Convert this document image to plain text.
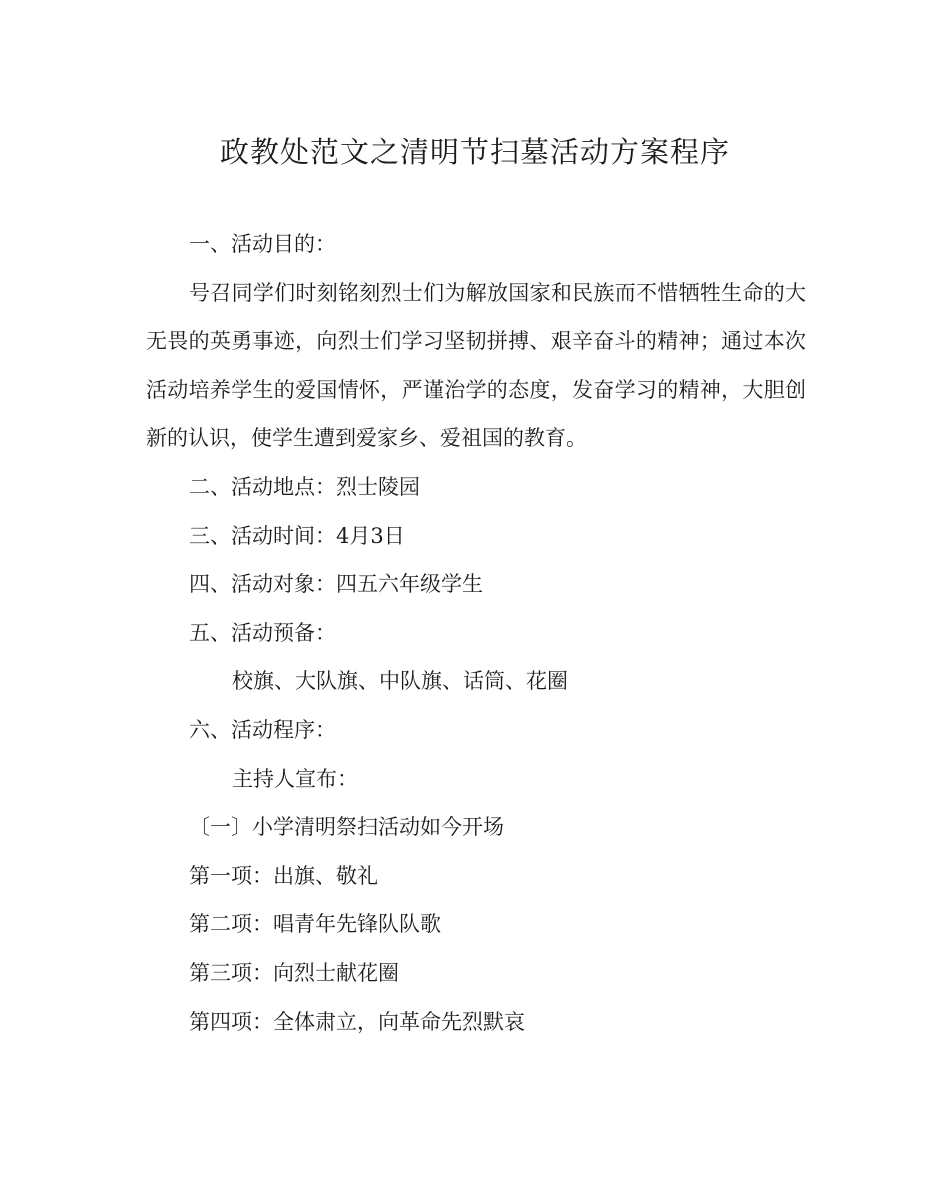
政教处范文之清明节扫墓活动方案程序
一、活动目的：

号召同学们时刻铭刻烈士们为解放国家和民族而不惜牺牲生命的大无畏的英勇事迹，向烈士们学习坚韧拼搏、艰辛奋斗的精神；通过本次活动培养学生的爱国情怀，严谨治学的态度，发奋学习的精神，大胆创新的认识，使学生遭到爱家乡、爱祖国的教育。

二、活动地点：烈士陵园
三、活动时间：4月3日
四、活动对象：四五六年级学生
五、活动预备：
校旗、大队旗、中队旗、话筒、花圈
六、活动程序：
主持人宣布：
〔一〕小学清明祭扫活动如今开场
第一项：出旗、敬礼
第二项：唱青年先锋队队歌
第三项：向烈士献花圈
第四项：全体肃立，向革命先烈默哀
